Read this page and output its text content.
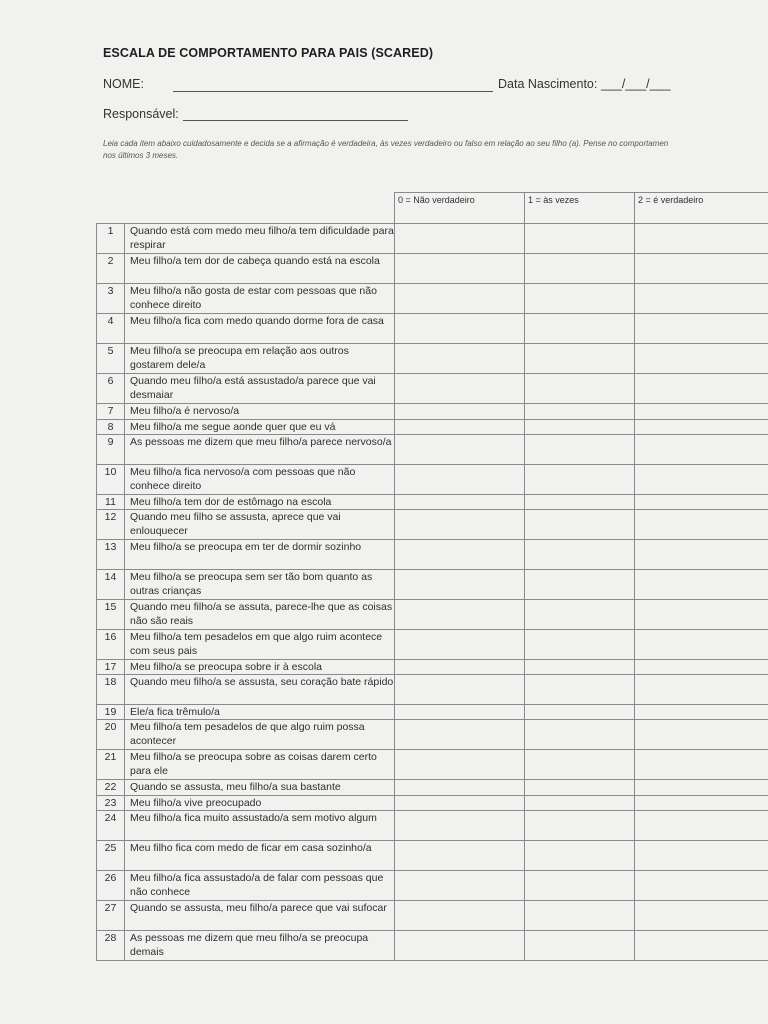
ESCALA DE COMPORTAMENTO PARA PAIS (SCARED)
NOME:	Data Nascimento: ___/___/___
Responsável:
Leia cada item abaixo cuidadosamente e decida se a afirmação é verdadeira, às vezes verdadeiro ou falso em relação ao seu filho (a). Pense no comportamen
nos últimos 3 meses.
		0 = Não verdadeiro	1 = às vezes	2 = é verdadeiro
1	Quando está com medo meu filho/a tem dificuldade para respirar			
2	Meu filho/a tem dor de cabeça quando está na escola			
3	Meu filho/a não gosta de estar com pessoas que não conhece direito			
4	Meu filho/a fica com medo quando dorme fora de casa			
5	Meu filho/a se preocupa em relação aos outros gostarem dele/a			
6	Quando meu filho/a está assustado/a parece que vai desmaiar			
7	Meu filho/a é nervoso/a			
8	Meu filho/a me segue aonde quer que eu vá			
9	As pessoas me dizem que meu filho/a parece nervoso/a			
10	Meu filho/a fica nervoso/a com pessoas que não conhece direito			
11	Meu filho/a tem dor de estômago na escola			
12	Quando meu filho se assusta, aprece que vai enlouquecer			
13	Meu filho/a se preocupa em ter de dormir sozinho			
14	Meu filho/a se preocupa sem ser tão bom quanto as outras crianças			
15	Quando meu filho/a se assuta, parece-lhe que as coisas não são reais			
16	Meu filho/a tem pesadelos em que algo ruim acontece com seus pais			
17	Meu filho/a se preocupa sobre ir à escola			
18	Quando meu filho/a se assusta, seu coração bate rápido			
19	Ele/a fica trêmulo/a			
20	Meu filho/a tem pesadelos de que algo ruim possa acontecer			
21	Meu filho/a se preocupa sobre as coisas darem certo para ele			
22	Quando se assusta, meu filho/a sua bastante			
23	Meu filho/a vive preocupado			
24	Meu filho/a fica muito assustado/a sem motivo algum			
25	Meu filho fica com medo de ficar em casa sozinho/a			
26	Meu filho/a fica assustado/a de falar com pessoas que não conhece			
27	Quando se assusta, meu filho/a parece que vai sufocar			
28	As pessoas me dizem que meu filho/a se preocupa demais			
